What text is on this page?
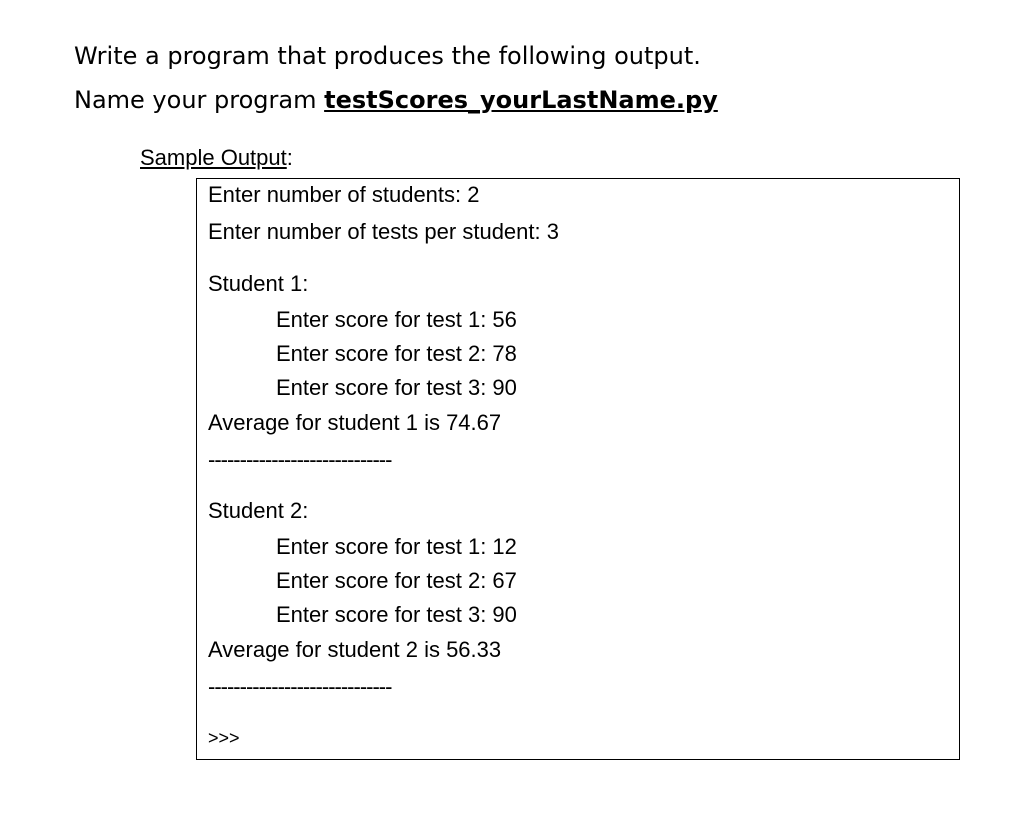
Write a program that produces the following output.

Name your program testScores_yourLastName.py

Sample Output:
Enter number of students: 2
Enter number of tests per student: 3
Student 1:
Enter score for test 1: 56
Enter score for test 2: 78
Enter score for test 3: 90
Average for student 1 is 74.67
-----------------------------
Student 2:
Enter score for test 1: 12
Enter score for test 2: 67
Enter score for test 3: 90
Average for student 2 is 56.33
-----------------------------
>>>
